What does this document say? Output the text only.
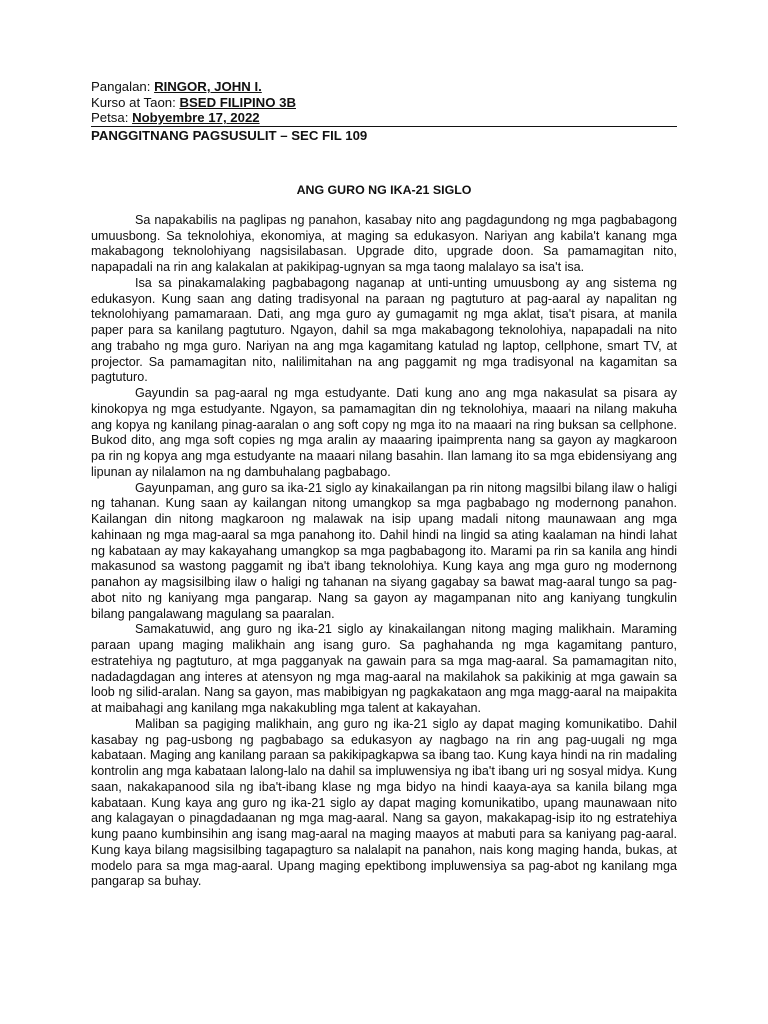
Pangalan: RINGOR, JOHN I.
Kurso at Taon: BSED FILIPINO 3B
Petsa: Nobyembre 17, 2022
PANGGITNANG PAGSUSULIT – SEC FIL 109
ANG GURO NG IKA-21 SIGLO

Sa napakabilis na paglipas ng panahon, kasabay nito ang pagdagundong ng mga pagbabagong umuusbong. Sa teknolohiya, ekonomiya, at maging sa edukasyon. Nariyan ang kabila't kanang mga makabagong teknolohiyang nagsisilabasan. Upgrade dito, upgrade doon. Sa pamamagitan nito, napapadali na rin ang kalakalan at pakikipag-ugnyan sa mga taong malalayo sa isa't isa.

Isa sa pinakamalaking pagbabagong naganap at unti-unting umuusbong ay ang sistema ng edukasyon. Kung saan ang dating tradisyonal na paraan ng pagtuturo at pag-aaral ay napalitan ng teknolohiyang pamamaraan. Dati, ang mga guro ay gumagamit ng mga aklat, tisa't pisara, at manila paper para sa kanilang pagtuturo. Ngayon, dahil sa mga makabagong teknolohiya, napapadali na nito ang trabaho ng mga guro. Nariyan na ang mga kagamitang katulad ng laptop, cellphone, smart TV, at projector. Sa pamamagitan nito, nalilimitahan na ang paggamit ng mga tradisyonal na kagamitan sa pagtuturo.

Gayundin sa pag-aaral ng mga estudyante. Dati kung ano ang mga nakasulat sa pisara ay kinokopya ng mga estudyante. Ngayon, sa pamamagitan din ng teknolohiya, maaari na nilang makuha ang kopya ng kanilang pinag-aaralan o ang soft copy ng mga ito na maaari na ring buksan sa cellphone. Bukod dito, ang mga soft copies ng mga aralin ay maaaring ipaimprenta nang sa gayon ay magkaroon pa rin ng kopya ang mga estudyante na maaari nilang basahin. Ilan lamang ito sa mga ebidensiyang ang lipunan ay nilalamon na ng dambuhalang pagbabago.

Gayunpaman, ang guro sa ika-21 siglo ay kinakailangan pa rin nitong magsilbi bilang ilaw o haligi ng tahanan. Kung saan ay kailangan nitong umangkop sa mga pagbabago ng modernong panahon. Kailangan din nitong magkaroon ng malawak na isip upang madali nitong maunawaan ang mga kahinaan ng mga mag-aaral sa mga panahong ito. Dahil hindi na lingid sa ating kaalaman na hindi lahat ng kabataan ay may kakayahang umangkop sa mga pagbabagong ito. Marami pa rin sa kanila ang hindi makasunod sa wastong paggamit ng iba't ibang teknolohiya. Kung kaya ang mga guro ng modernong panahon ay magsisilbing ilaw o haligi ng tahanan na siyang gagabay sa bawat mag-aaral tungo sa pag-abot nito ng kaniyang mga pangarap. Nang sa gayon ay magampanan nito ang kaniyang tungkulin bilang pangalawang magulang sa paaralan.

Samakatuwid, ang guro ng ika-21 siglo ay kinakailangan nitong maging malikhain. Maraming paraan upang maging malikhain ang isang guro. Sa paghahanda ng mga kagamitang panturo, estratehiya ng pagtuturo, at mga pagganyak na gawain para sa mga mag-aaral. Sa pamamagitan nito, nadadagdagan ang interes at atensyon ng mga mag-aaral na makilahok sa pakikinig at mga gawain sa loob ng silid-aralan. Nang sa gayon, mas mabibigyan ng pagkakataon ang mga magg-aaral na maipakita at maibahagi ang kanilang mga nakakubling mga talent at kakayahan.

Maliban sa pagiging malikhain, ang guro ng ika-21 siglo ay dapat maging komunikatibo. Dahil kasabay ng pag-usbong ng pagbabago sa edukasyon ay nagbago na rin ang pag-uugali ng mga kabataan. Maging ang kanilang paraan sa pakikipagkapwa sa ibang tao. Kung kaya hindi na rin madaling kontrolin ang mga kabataan lalong-lalo na dahil sa impluwensiya ng iba't ibang uri ng sosyal midya. Kung saan, nakakapanood sila ng iba't-ibang klase ng mga bidyo na hindi kaaya-aya sa kanila bilang mga kabataan. Kung kaya ang guro ng ika-21 siglo ay dapat maging komunikatibo, upang maunawaan nito ang kalagayan o pinagdadaanan ng mga mag-aaral. Nang sa gayon, makakapag-isip ito ng estratehiya kung paano kumbinsihin ang isang mag-aaral na maging maayos at mabuti para sa kaniyang pag-aaral. Kung kaya bilang magsisilbing tagapagturo sa nalalapit na panahon, nais kong maging handa, bukas, at modelo para sa mga mag-aaral. Upang maging epektibong impluwensiya sa pag-abot ng kanilang mga pangarap sa buhay.
